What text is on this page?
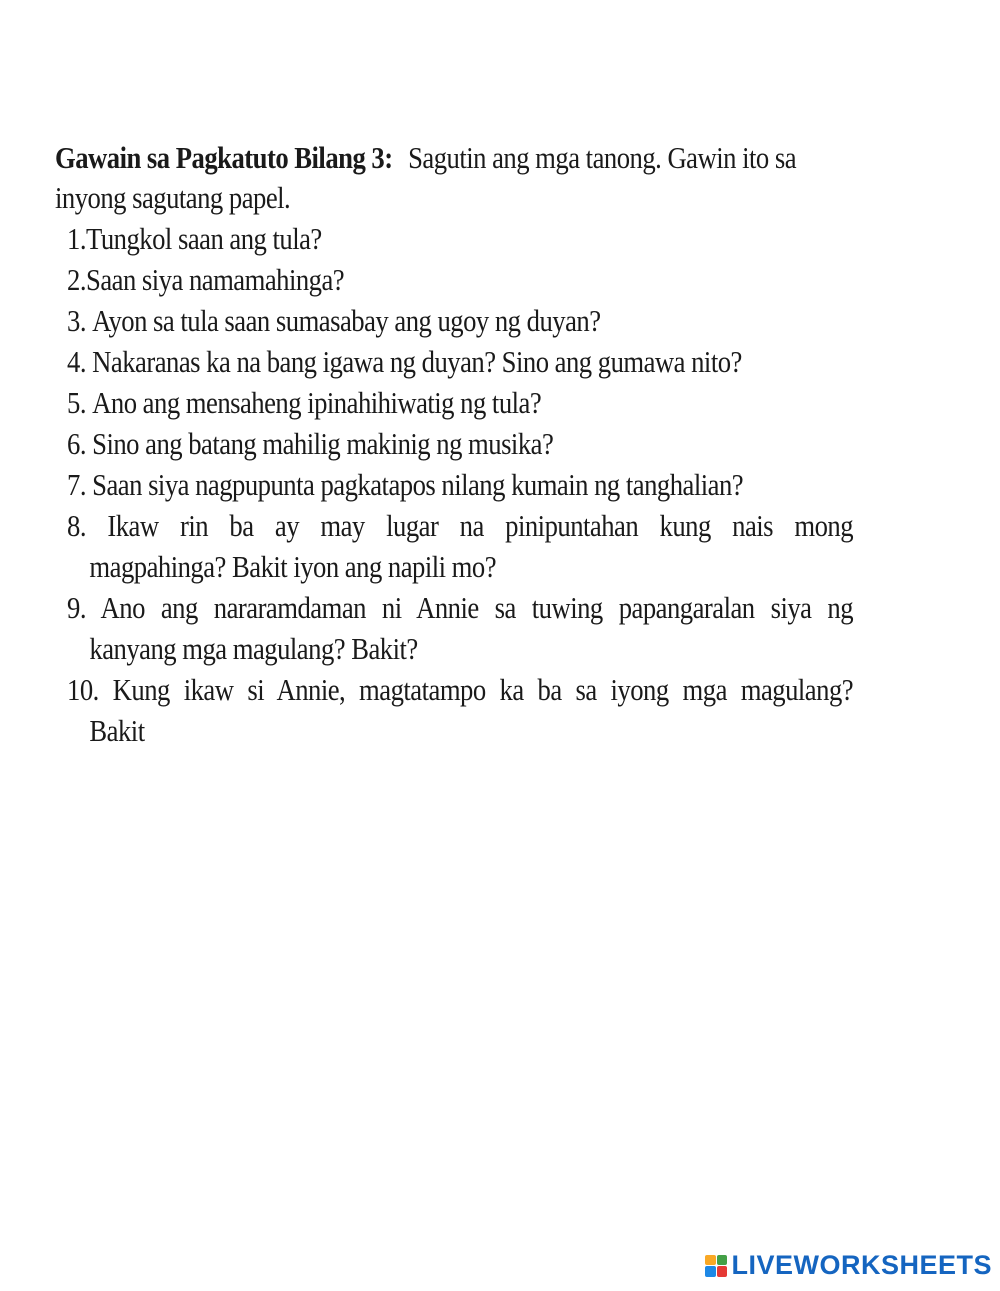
Gawain sa Pagkatuto Bilang 3: Sagutin ang mga tanong. Gawin ito sa
inyong sagutang papel.
1.Tungkol saan ang tula?
2.Saan siya namamahinga?
3. Ayon sa tula saan sumasabay ang ugoy ng duyan?
4. Nakaranas ka na bang igawa ng duyan? Sino ang gumawa nito?
5. Ano ang mensaheng ipinahihiwatig ng tula?
6. Sino ang batang mahilig makinig ng musika?
7. Saan siya nagpupunta pagkatapos nilang kumain ng tanghalian?
8. Ikaw rin ba ay may lugar na pinipuntahan kung nais mong
magpahinga? Bakit iyon ang napili mo?
9. Ano ang nararamdaman ni Annie sa tuwing papangaralan siya ng
kanyang mga magulang? Bakit?
10. Kung ikaw si Annie, magtatampo ka ba sa iyong mga magulang?
Bakit
LIVEWORKSHEETS
